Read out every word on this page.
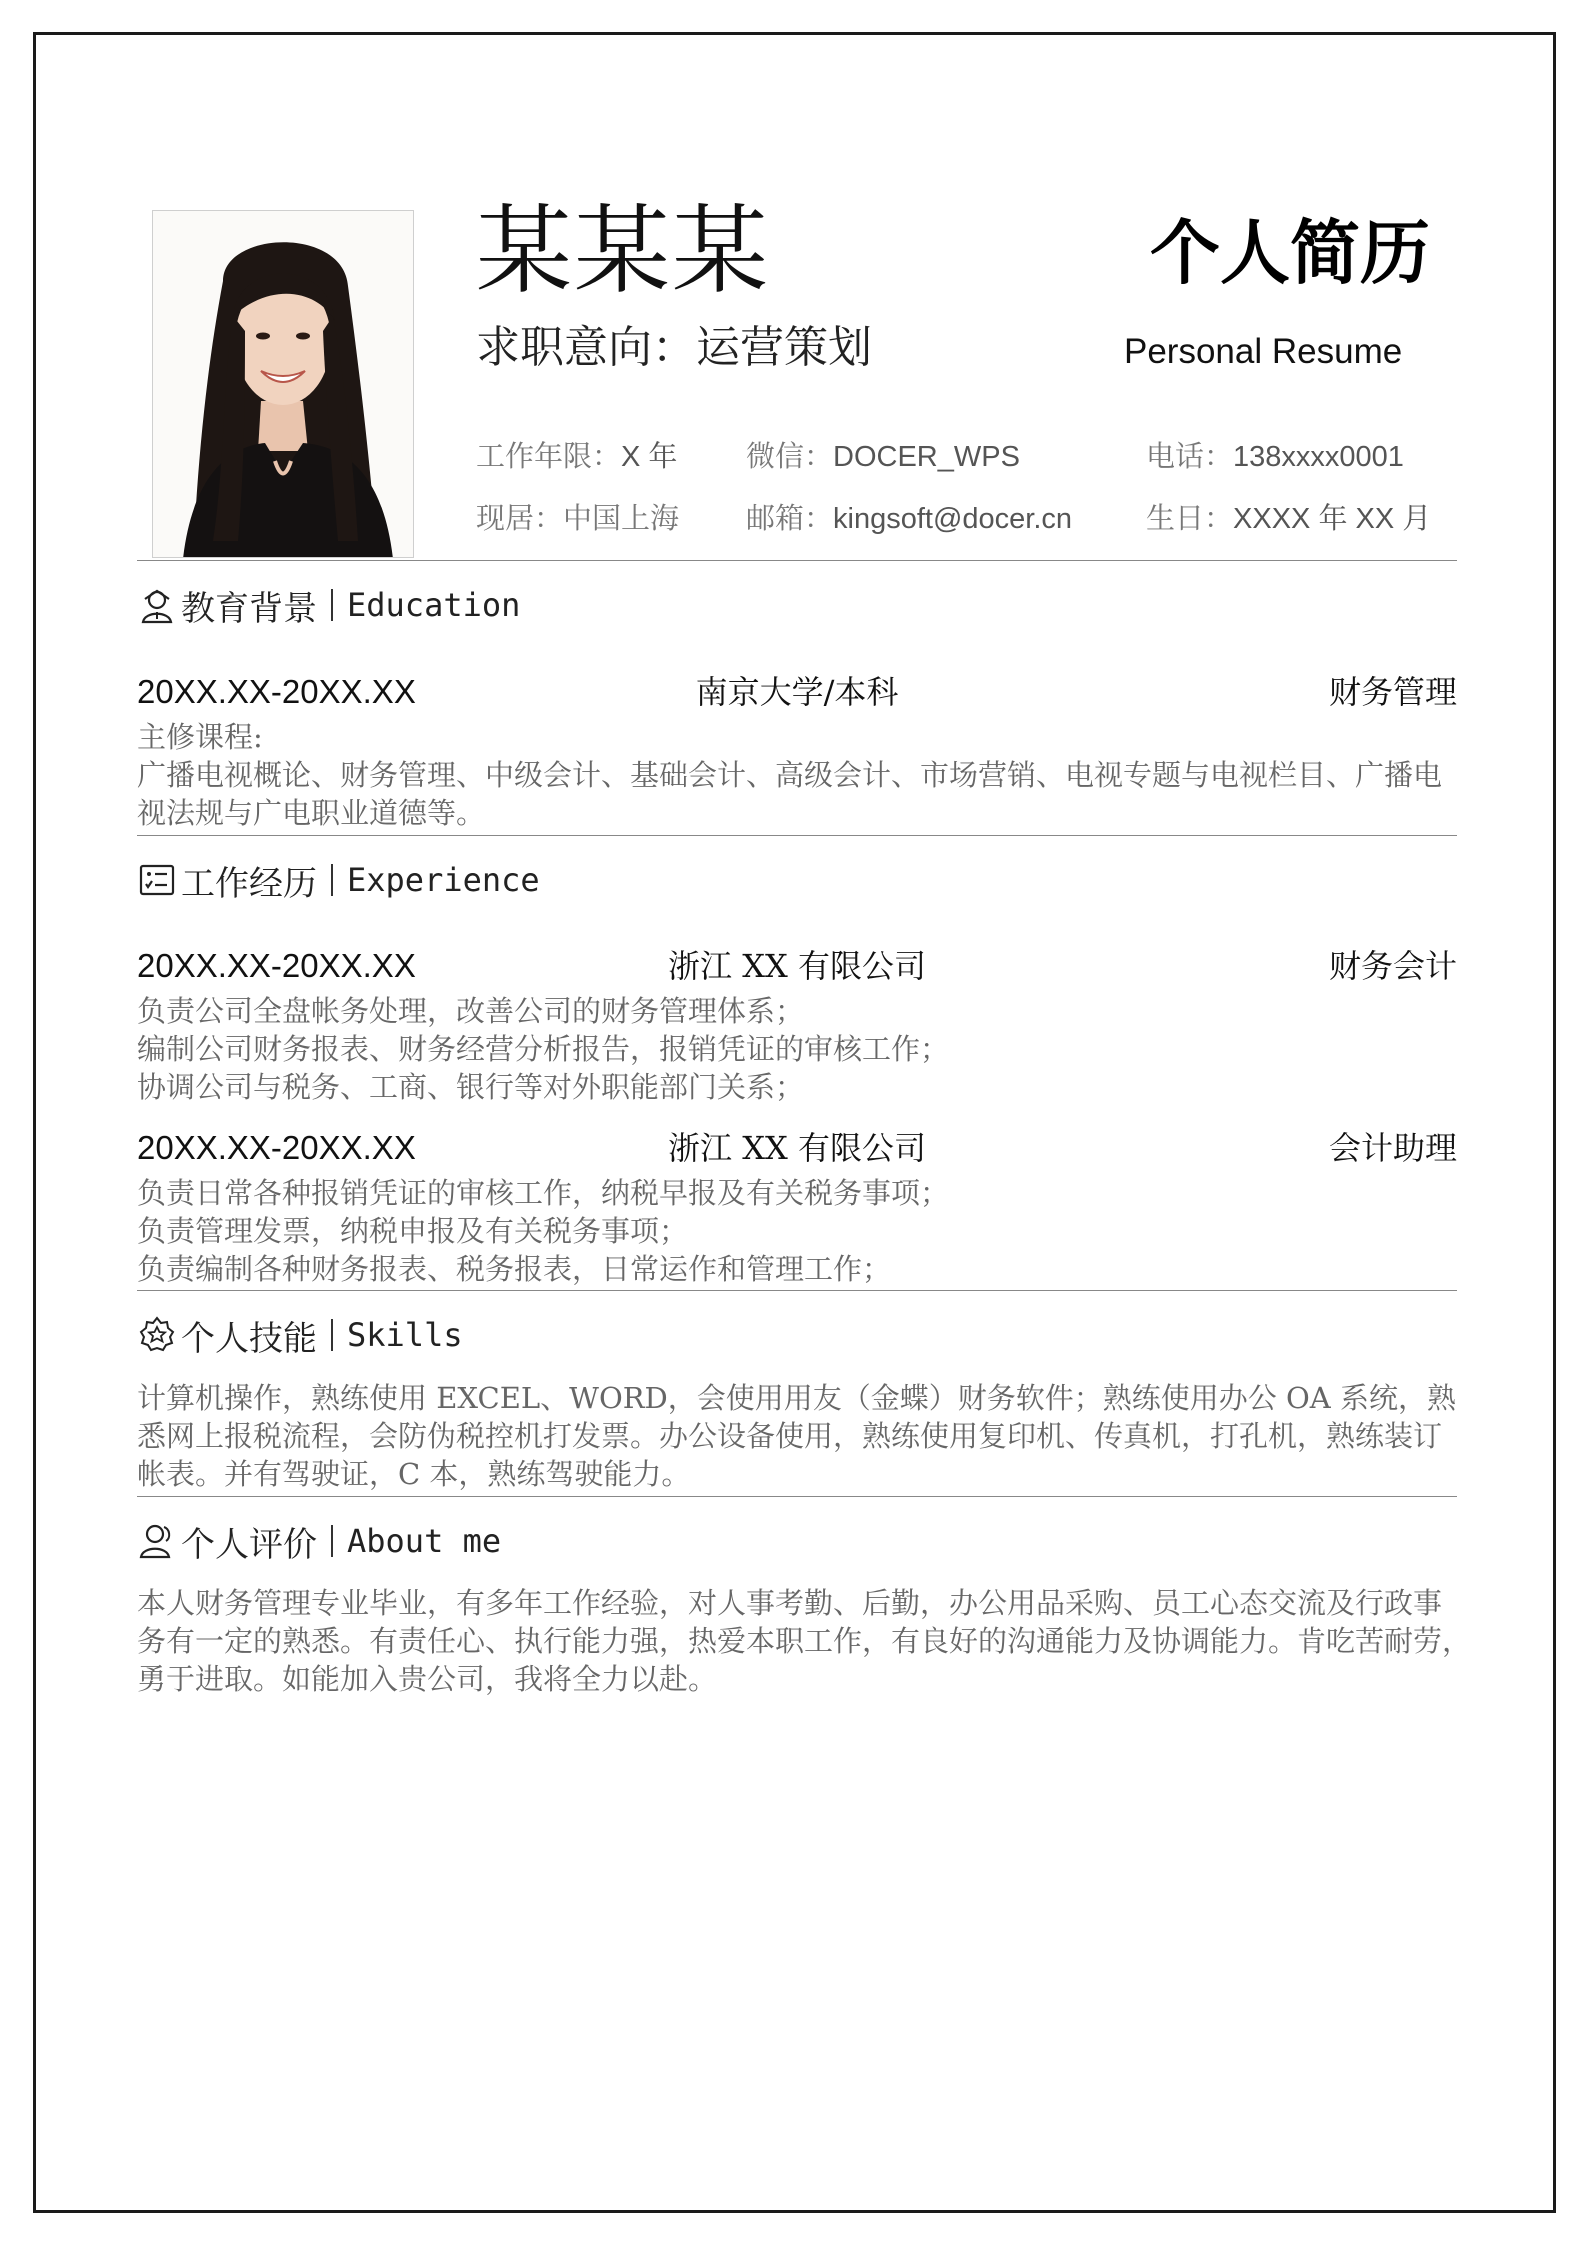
某某某
求职意向：运营策划
个人简历
Personal Resume
工作年限：X 年 微信：DOCER_WPS	电话：138xxxx0001
现居：中国上海 邮箱：kingsoft@docer.cn	生日：XXXX 年 XX 月
教育背景 Education
20XX.XX-20XX.XX	南京大学/本科	财务管理
主修课程:
广播电视概论、财务管理、中级会计、基础会计、高级会计、市场营销、电视专题与电视栏目、广播电
视法规与广电职业道德等。
工作经历 Experience
20XX.XX-20XX.XX	浙江 XX 有限公司	财务会计
负责公司全盘帐务处理，改善公司的财务管理体系；
编制公司财务报表、财务经营分析报告，报销凭证的审核工作；
协调公司与税务、工商、银行等对外职能部门关系；
20XX.XX-20XX.XX	浙江 XX 有限公司	会计助理
负责日常各种报销凭证的审核工作，纳税早报及有关税务事项；
负责管理发票，纳税申报及有关税务事项；
负责编制各种财务报表、税务报表，日常运作和管理工作；
个人技能 Skills
计算机操作，熟练使用 EXCEL、WORD，会使用用友（金蝶）财务软件；熟练使用办公 OA 系统，熟
悉网上报税流程，会防伪税控机打发票。办公设备使用，熟练使用复印机、传真机，打孔机，熟练装订
帐表。并有驾驶证，C 本，熟练驾驶能力。
个人评价 About me
本人财务管理专业毕业，有多年工作经验，对人事考勤、后勤，办公用品采购、员工心态交流及行政事
务有一定的熟悉。有责任心、执行能力强，热爱本职工作，有良好的沟通能力及协调能力。肯吃苦耐劳，
勇于进取。如能加入贵公司，我将全力以赴。
